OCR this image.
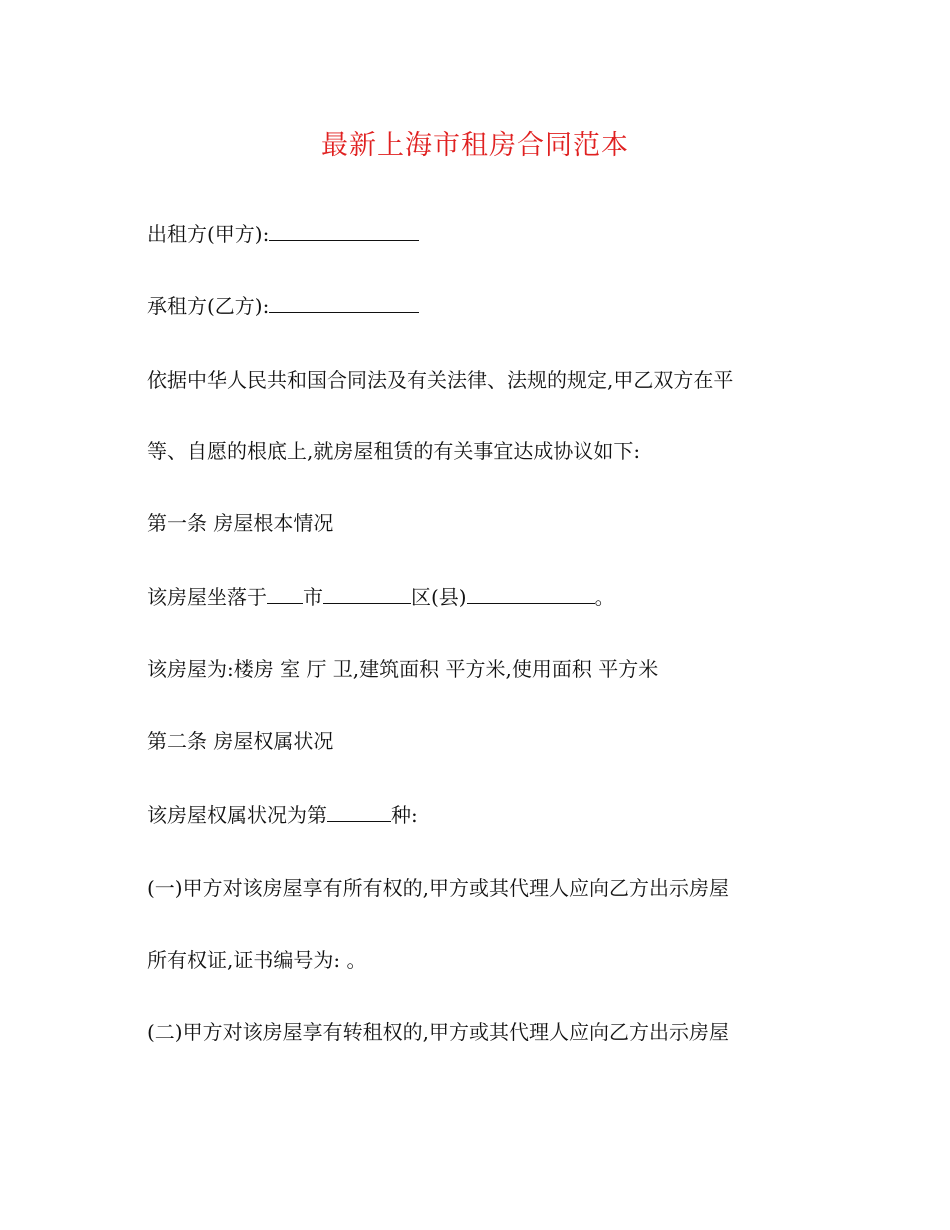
最新上海市租房合同范本
出租方(甲方):
承租方(乙方):
依据中华人民共和国合同法及有关法律、法规的规定,甲乙双方在平
等、自愿的根底上,就房屋租赁的有关事宜达成协议如下:
第一条 房屋根本情况
该房屋坐落于 市	区(县)	。
该房屋为:楼房 室 厅 卫,建筑面积 平方米,使用面积 平方米
第二条 房屋权属状况
该房屋权属状况为第	种:
(一)甲方对该房屋享有所有权的,甲方或其代理人应向乙方出示房屋
所有权证,证书编号为: 。
(二)甲方对该房屋享有转租权的,甲方或其代理人应向乙方出示房屋
